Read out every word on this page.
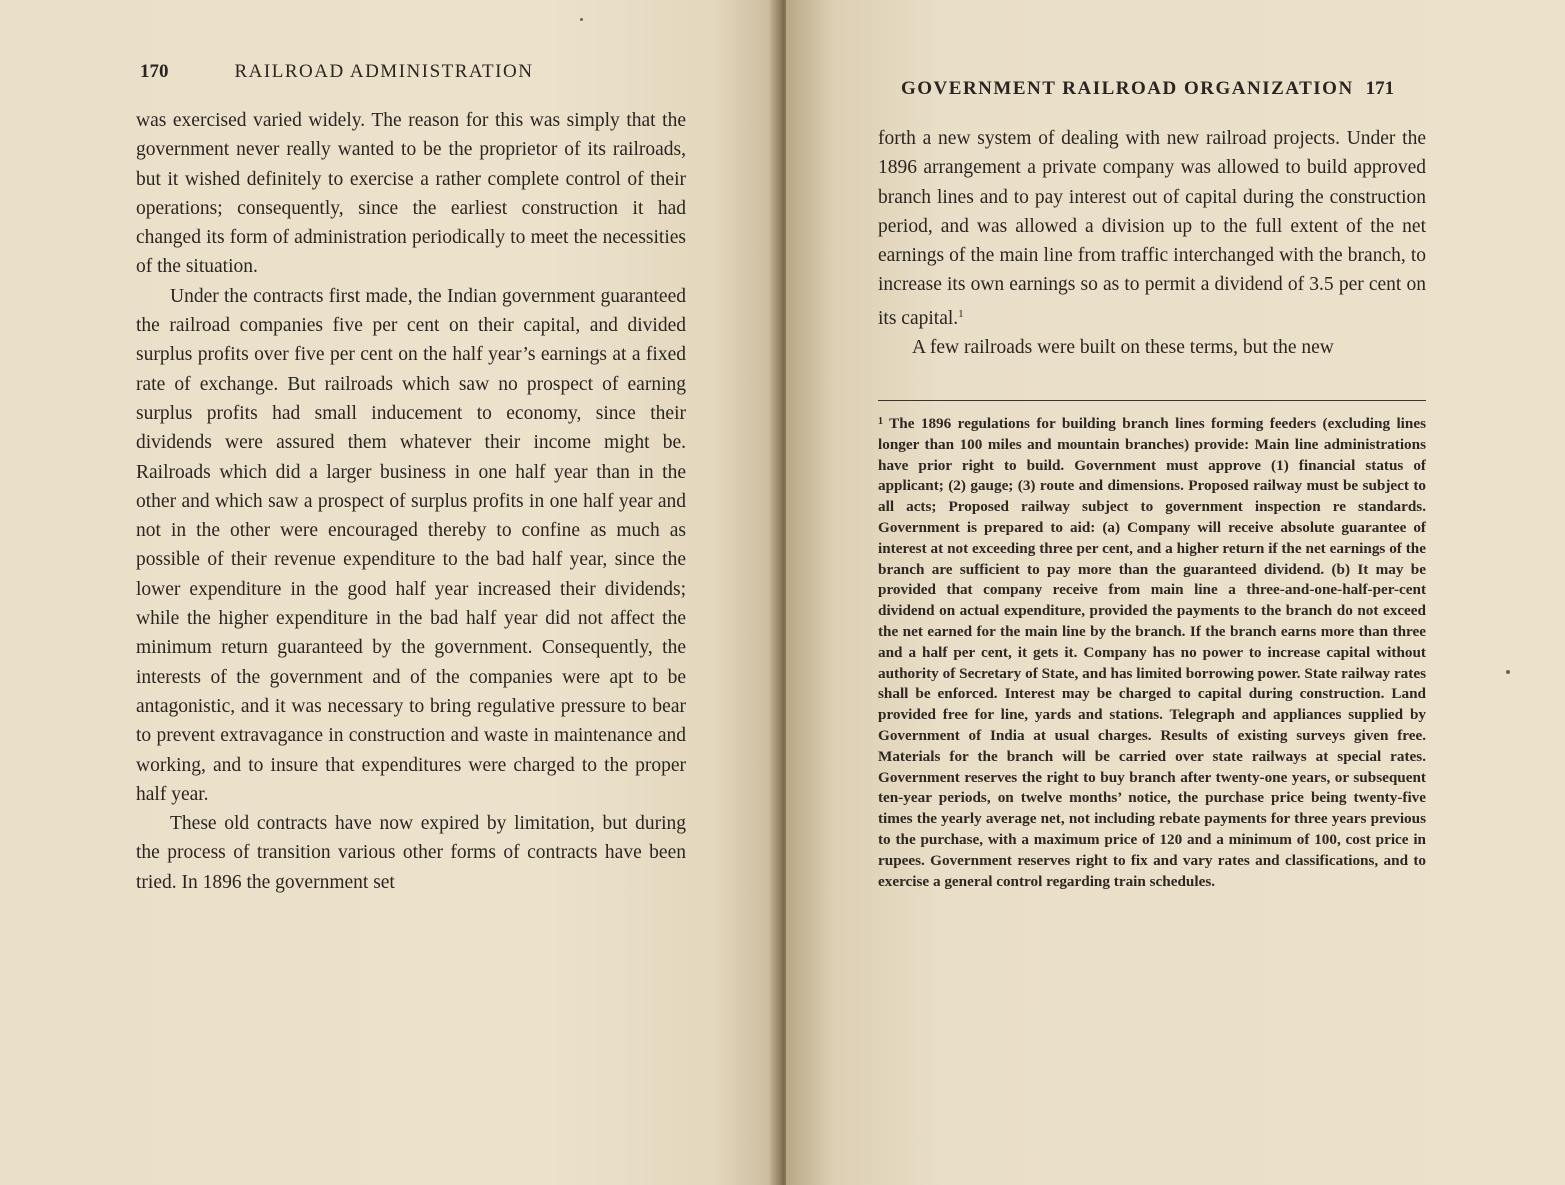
170	RAILROAD ADMINISTRATION

was exercised varied widely. The reason for this was simply that the government never really wanted to be the proprietor of its railroads, but it wished definitely to exercise a rather complete control of their operations; consequently, since the earliest construction it had changed its form of administration periodically to meet the necessities of the situation.

Under the contracts first made, the Indian government guaranteed the railroad companies five per cent on their capital, and divided surplus profits over five per cent on the half year’s earnings at a fixed rate of exchange. But railroads which saw no prospect of earning surplus profits had small inducement to economy, since their dividends were assured them whatever their income might be. Railroads which did a larger business in one half year than in the other and which saw a prospect of surplus profits in one half year and not in the other were encouraged thereby to confine as much as possible of their revenue expenditure to the bad half year, since the lower expenditure in the good half year increased their dividends; while the higher expenditure in the bad half year did not affect the minimum return guaranteed by the government. Consequently, the interests of the government and of the companies were apt to be antagonistic, and it was necessary to bring regulative pressure to bear to prevent extravagance in construction and waste in maintenance and working, and to insure that expenditures were charged to the proper half year.

These old contracts have now expired by limitation, but during the process of transition various other forms of contracts have been tried. In 1896 the government set

GOVERNMENT RAILROAD ORGANIZATION 171

forth a new system of dealing with new railroad projects. Under the 1896 arrangement a private company was allowed to build approved branch lines and to pay interest out of capital during the construction period, and was allowed a division up to the full extent of the net earnings of the main line from traffic interchanged with the branch, to increase its own earnings so as to permit a dividend of 3.5 per cent on its capital.$^1$

A few railroads were built on these terms, but the new

$^1$ The 1896 regulations for building branch lines forming feeders (excluding lines longer than 100 miles and mountain branches) provide: Main line administrations have prior right to build. Government must approve (1) financial status of applicant; (2) gauge; (3) route and dimensions. Proposed railway must be subject to all acts; Proposed railway subject to government inspection re standards. Government is prepared to aid: (a) Company will receive absolute guarantee of interest at not exceeding three per cent, and a higher return if the net earnings of the branch are sufficient to pay more than the guaranteed dividend. (b) It may be provided that company receive from main line a three-and-one-half-per-cent dividend on actual expenditure, provided the payments to the branch do not exceed the net earned for the main line by the branch. If the branch earns more than three and a half per cent, it gets it. Company has no power to increase capital without authority of Secretary of State, and has limited borrowing power. State railway rates shall be enforced. Interest may be charged to capital during construction. Land provided free for line, yards and stations. Telegraph and appliances supplied by Government of India at usual charges. Results of existing surveys given free. Materials for the branch will be carried over state railways at special rates. Government reserves the right to buy branch after twenty-one years, or subsequent ten-year periods, on twelve months’ notice, the purchase price being twenty-five times the yearly average net, not including rebate payments for three years previous to the purchase, with a maximum price of 120 and a minimum of 100, cost price in rupees. Government reserves right to fix and vary rates and classifications, and to exercise a general control regarding train schedules.
